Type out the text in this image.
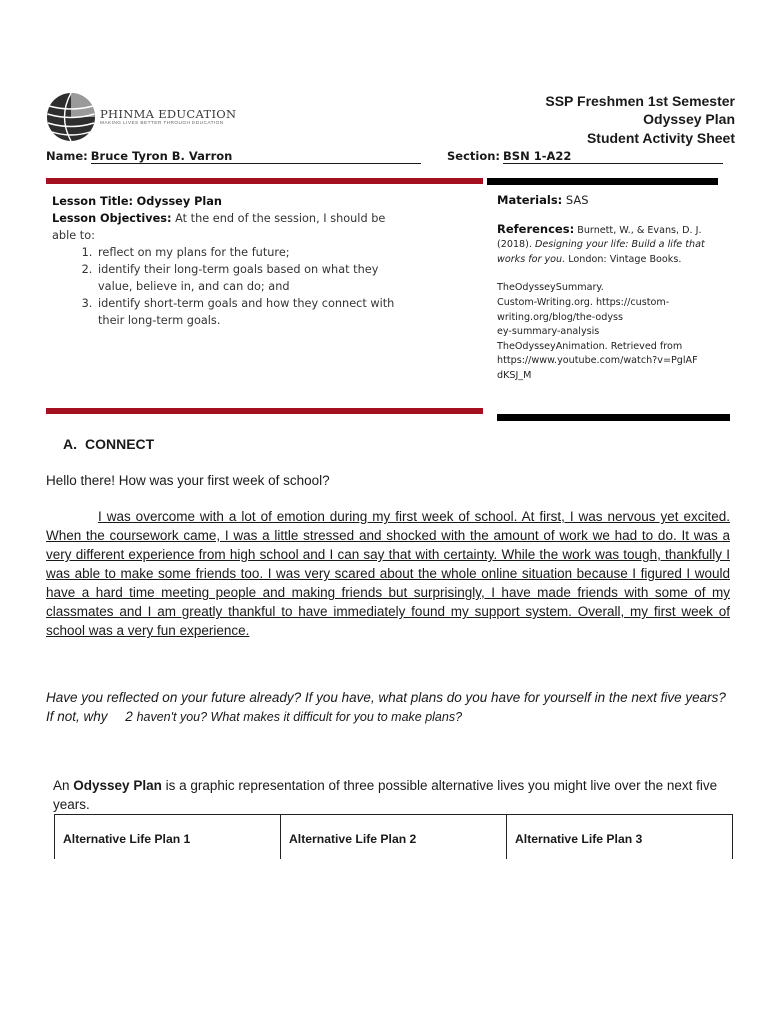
PHINMA EDUCATION
MAKING LIVES BETTER THROUGH EDUCATION
SSP Freshmen 1st Semester
Odyssey Plan
Student Activity Sheet
Name: Bruce Tyron B. Varron	Section: BSN 1-A22
Lesson Title: Odyssey Plan
Lesson Objectives: At the end of the session, I should be able to:
1. reflect on my plans for the future;
2. identify their long-term goals based on what they value, believe in, and can do; and
3. identify short-term goals and how they connect with their long-term goals.
Materials: SAS
References: Burnett, W., & Evans, D. J. (2018). Designing your life: Build a life that works for you. London: Vintage Books.
TheOdysseySummary.
Custom-Writing.org. https://custom-
writing.org/blog/the-odyss
ey-summary-analysis
TheOdysseyAnimation. Retrieved from
https://www.youtube.com/watch?v=PglAF
dKSJ_M
A. CONNECT
Hello there! How was your first week of school?
I was overcome with a lot of emotion during my first week of school. At first, I was nervous yet excited. When the coursework came, I was a little stressed and shocked with the amount of work we had to do. It was a very different experience from high school and I can say that with certainty. While the work was tough, thankfully I was able to make some friends too. I was very scared about the whole online situation because I figured I would have a hard time meeting people and making friends but surprisingly, I have made friends with some of my classmates and I am greatly thankful to have immediately found my support system. Overall, my first week of school was a very fun experience.
Have you reflected on your future already? If you have, what plans do you have for yourself in the next five years? If not, why 2 haven't you? What makes it difficult for you to make plans?
An Odyssey Plan is a graphic representation of three possible alternative lives you might live over the next five years.
Alternative Life Plan 1	Alternative Life Plan 2	Alternative Life Plan 3
